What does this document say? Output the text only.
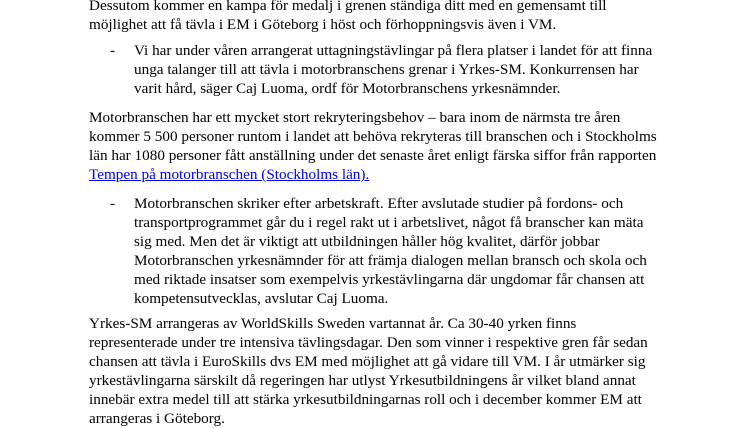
Dessutom kommer en kampa för medalj i grenen ständiga ditt med en gemensamt till
möjlighet att få tävla i EM i Göteborg i höst och förhoppningsvis även i VM.
- Vi har under våren arrangerat uttagningstävlingar på flera platser i landet för att finna
unga talanger till att tävla i motorbranschens grenar i Yrkes-SM. Konkurrensen har
varit hård, säger Caj Luoma, ordf för Motorbranschens yrkesnämnder.
Motorbranschen har ett mycket stort rekryteringsbehov – bara inom de närmsta tre åren
kommer 5 500 personer runtom i landet att behöva rekryteras till branschen och i Stockholms
län har 1080 personer fått anställning under det senaste året enligt färska siffor från rapporten
Tempen på motorbranschen (Stockholms län).
- Motorbranschen skriker efter arbetskraft. Efter avslutade studier på fordons- och
transportprogrammet går du i regel rakt ut i arbetslivet, något få branscher kan mäta
sig med. Men det är viktigt att utbildningen håller hög kvalitet, därför jobbar
Motorbranschen yrkesnämnder för att främja dialogen mellan bransch och skola och
med riktade insatser som exempelvis yrkestävlingarna där ungdomar får chansen att
kompetensutvecklas, avslutar Caj Luoma.
Yrkes-SM arrangeras av WorldSkills Sweden vartannat år. Ca 30-40 yrken finns
representerade under tre intensiva tävlingsdagar. Den som vinner i respektive gren får sedan
chansen att tävla i EuroSkills dvs EM med möjlighet att gå vidare till VM. I år utmärker sig
yrkestävlingarna särskilt då regeringen har utlyst Yrkesutbildningens år vilket bland annat
innebär extra medel till att stärka yrkesutbildningarnas roll och i december kommer EM att
arrangeras i Göteborg.
